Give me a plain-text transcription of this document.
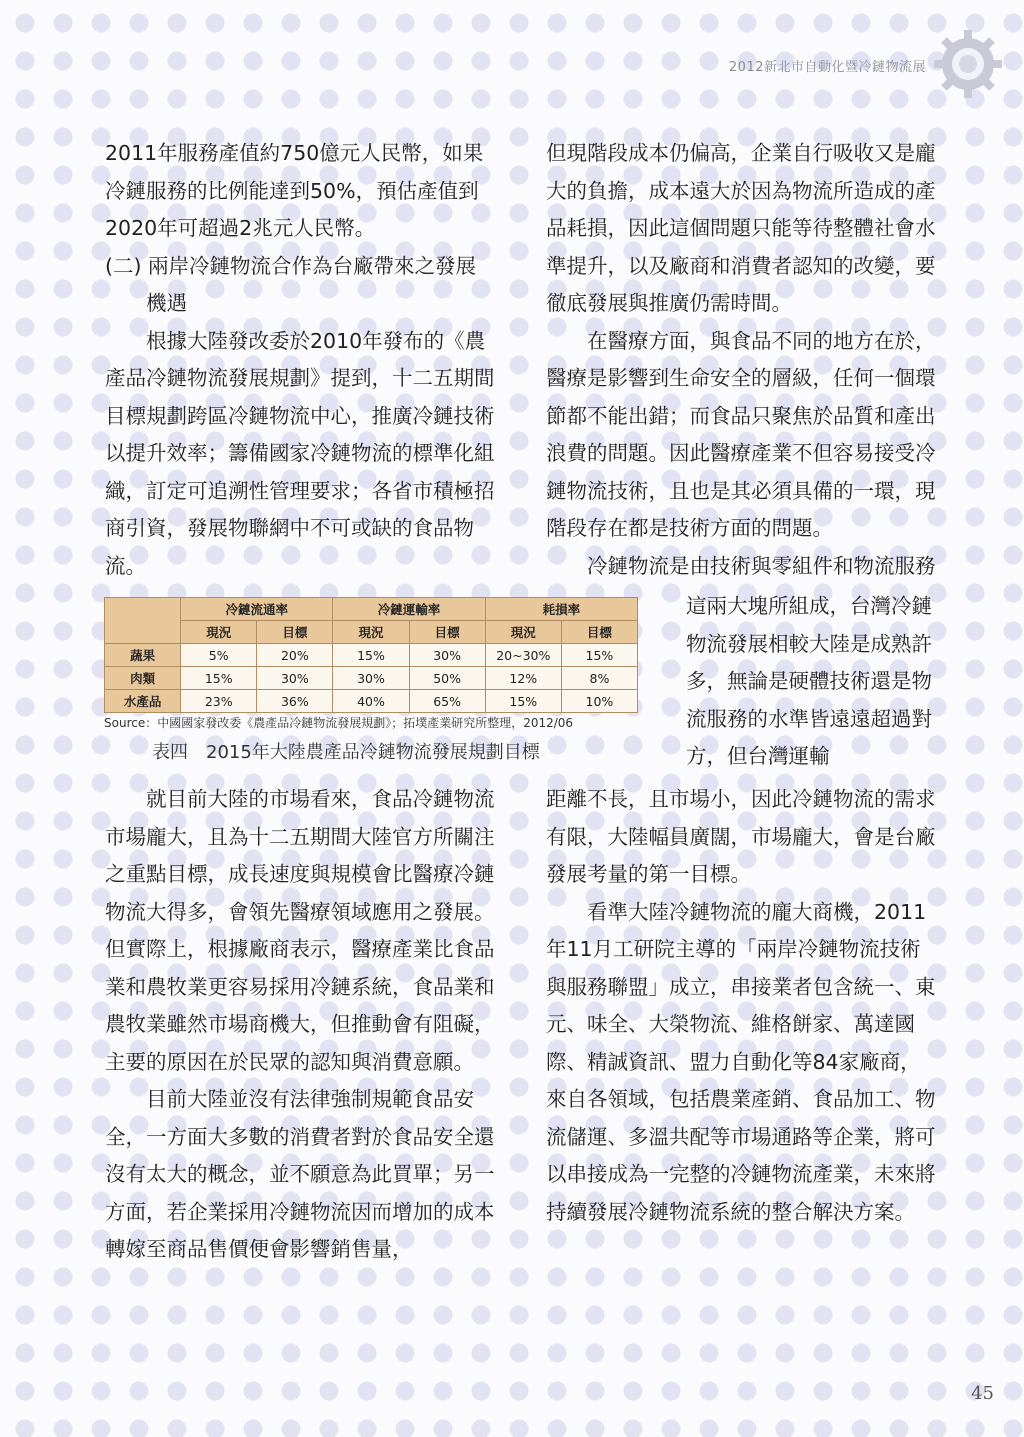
2012新北市自動化暨冷鏈物流展

2011年服務產值約750億元人民幣，如果冷鏈服務的比例能達到50%，預估產值到2020年可超過2兆元人民幣。

(二) 兩岸冷鏈物流合作為台廠帶來之發展
機遇

根據大陸發改委於2010年發布的《農產品冷鏈物流發展規劃》提到，十二五期間目標規劃跨區冷鏈物流中心，推廣冷鏈技術以提升效率；籌備國家冷鏈物流的標準化組織，訂定可追溯性管理要求；各省市積極招商引資，發展物聯網中不可或缺的食品物流。

	冷鏈流通率		冷鏈運輸率		耗損率	
	現況	目標	現況	目標	現況	目標
蔬果	5%	20%	15%	30%	20~30%	15%
肉類	15%	30%	30%	50%	12%	8%
水產品	23%	36%	40%	65%	15%	10%
Source：中國國家發改委《農產品冷鏈物流發展規劃》；拓墣產業研究所整理，2012/06
表四　2015年大陸農產品冷鏈物流發展規劃目標

就目前大陸的市場看來，食品冷鏈物流市場龐大，且為十二五期間大陸官方所關注之重點目標，成長速度與規模會比醫療冷鏈物流大得多，會領先醫療領域應用之發展。但實際上，根據廠商表示，醫療產業比食品業和農牧業更容易採用冷鏈系統，食品業和農牧業雖然市場商機大，但推動會有阻礙，主要的原因在於民眾的認知與消費意願。

目前大陸並沒有法律強制規範食品安全，一方面大多數的消費者對於食品安全還沒有太大的概念，並不願意為此買單；另一方面，若企業採用冷鏈物流因而增加的成本轉嫁至商品售價便會影響銷售量，

但現階段成本仍偏高，企業自行吸收又是龐大的負擔，成本遠大於因為物流所造成的產品耗損，因此這個問題只能等待整體社會水準提升，以及廠商和消費者認知的改變，要徹底發展與推廣仍需時間。

在醫療方面，與食品不同的地方在於，醫療是影響到生命安全的層級，任何一個環節都不能出錯；而食品只聚焦於品質和產出浪費的問題。因此醫療產業不但容易接受冷鏈物流技術，且也是其必須具備的一環，現階段存在都是技術方面的問題。

冷鏈物流是由技術與零組件和物流服務

這兩大塊所組成，台灣冷鏈物流發展相較大陸是成熟許多，無論是硬體技術還是物流服務的水準皆遠遠超過對方，但台灣運輸

距離不長，且市場小，因此冷鏈物流的需求有限，大陸幅員廣闊，市場龐大，會是台廠發展考量的第一目標。

看準大陸冷鏈物流的龐大商機，2011年11月工研院主導的「兩岸冷鏈物流技術與服務聯盟」成立，串接業者包含統一、東元、味全、大榮物流、維格餅家、萬達國際、精誠資訊、盟力自動化等84家廠商，來自各領域，包括農業產銷、食品加工、物流儲運、多溫共配等市場通路等企業，將可以串接成為一完整的冷鏈物流產業，未來將持續發展冷鏈物流系統的整合解決方案。

45
